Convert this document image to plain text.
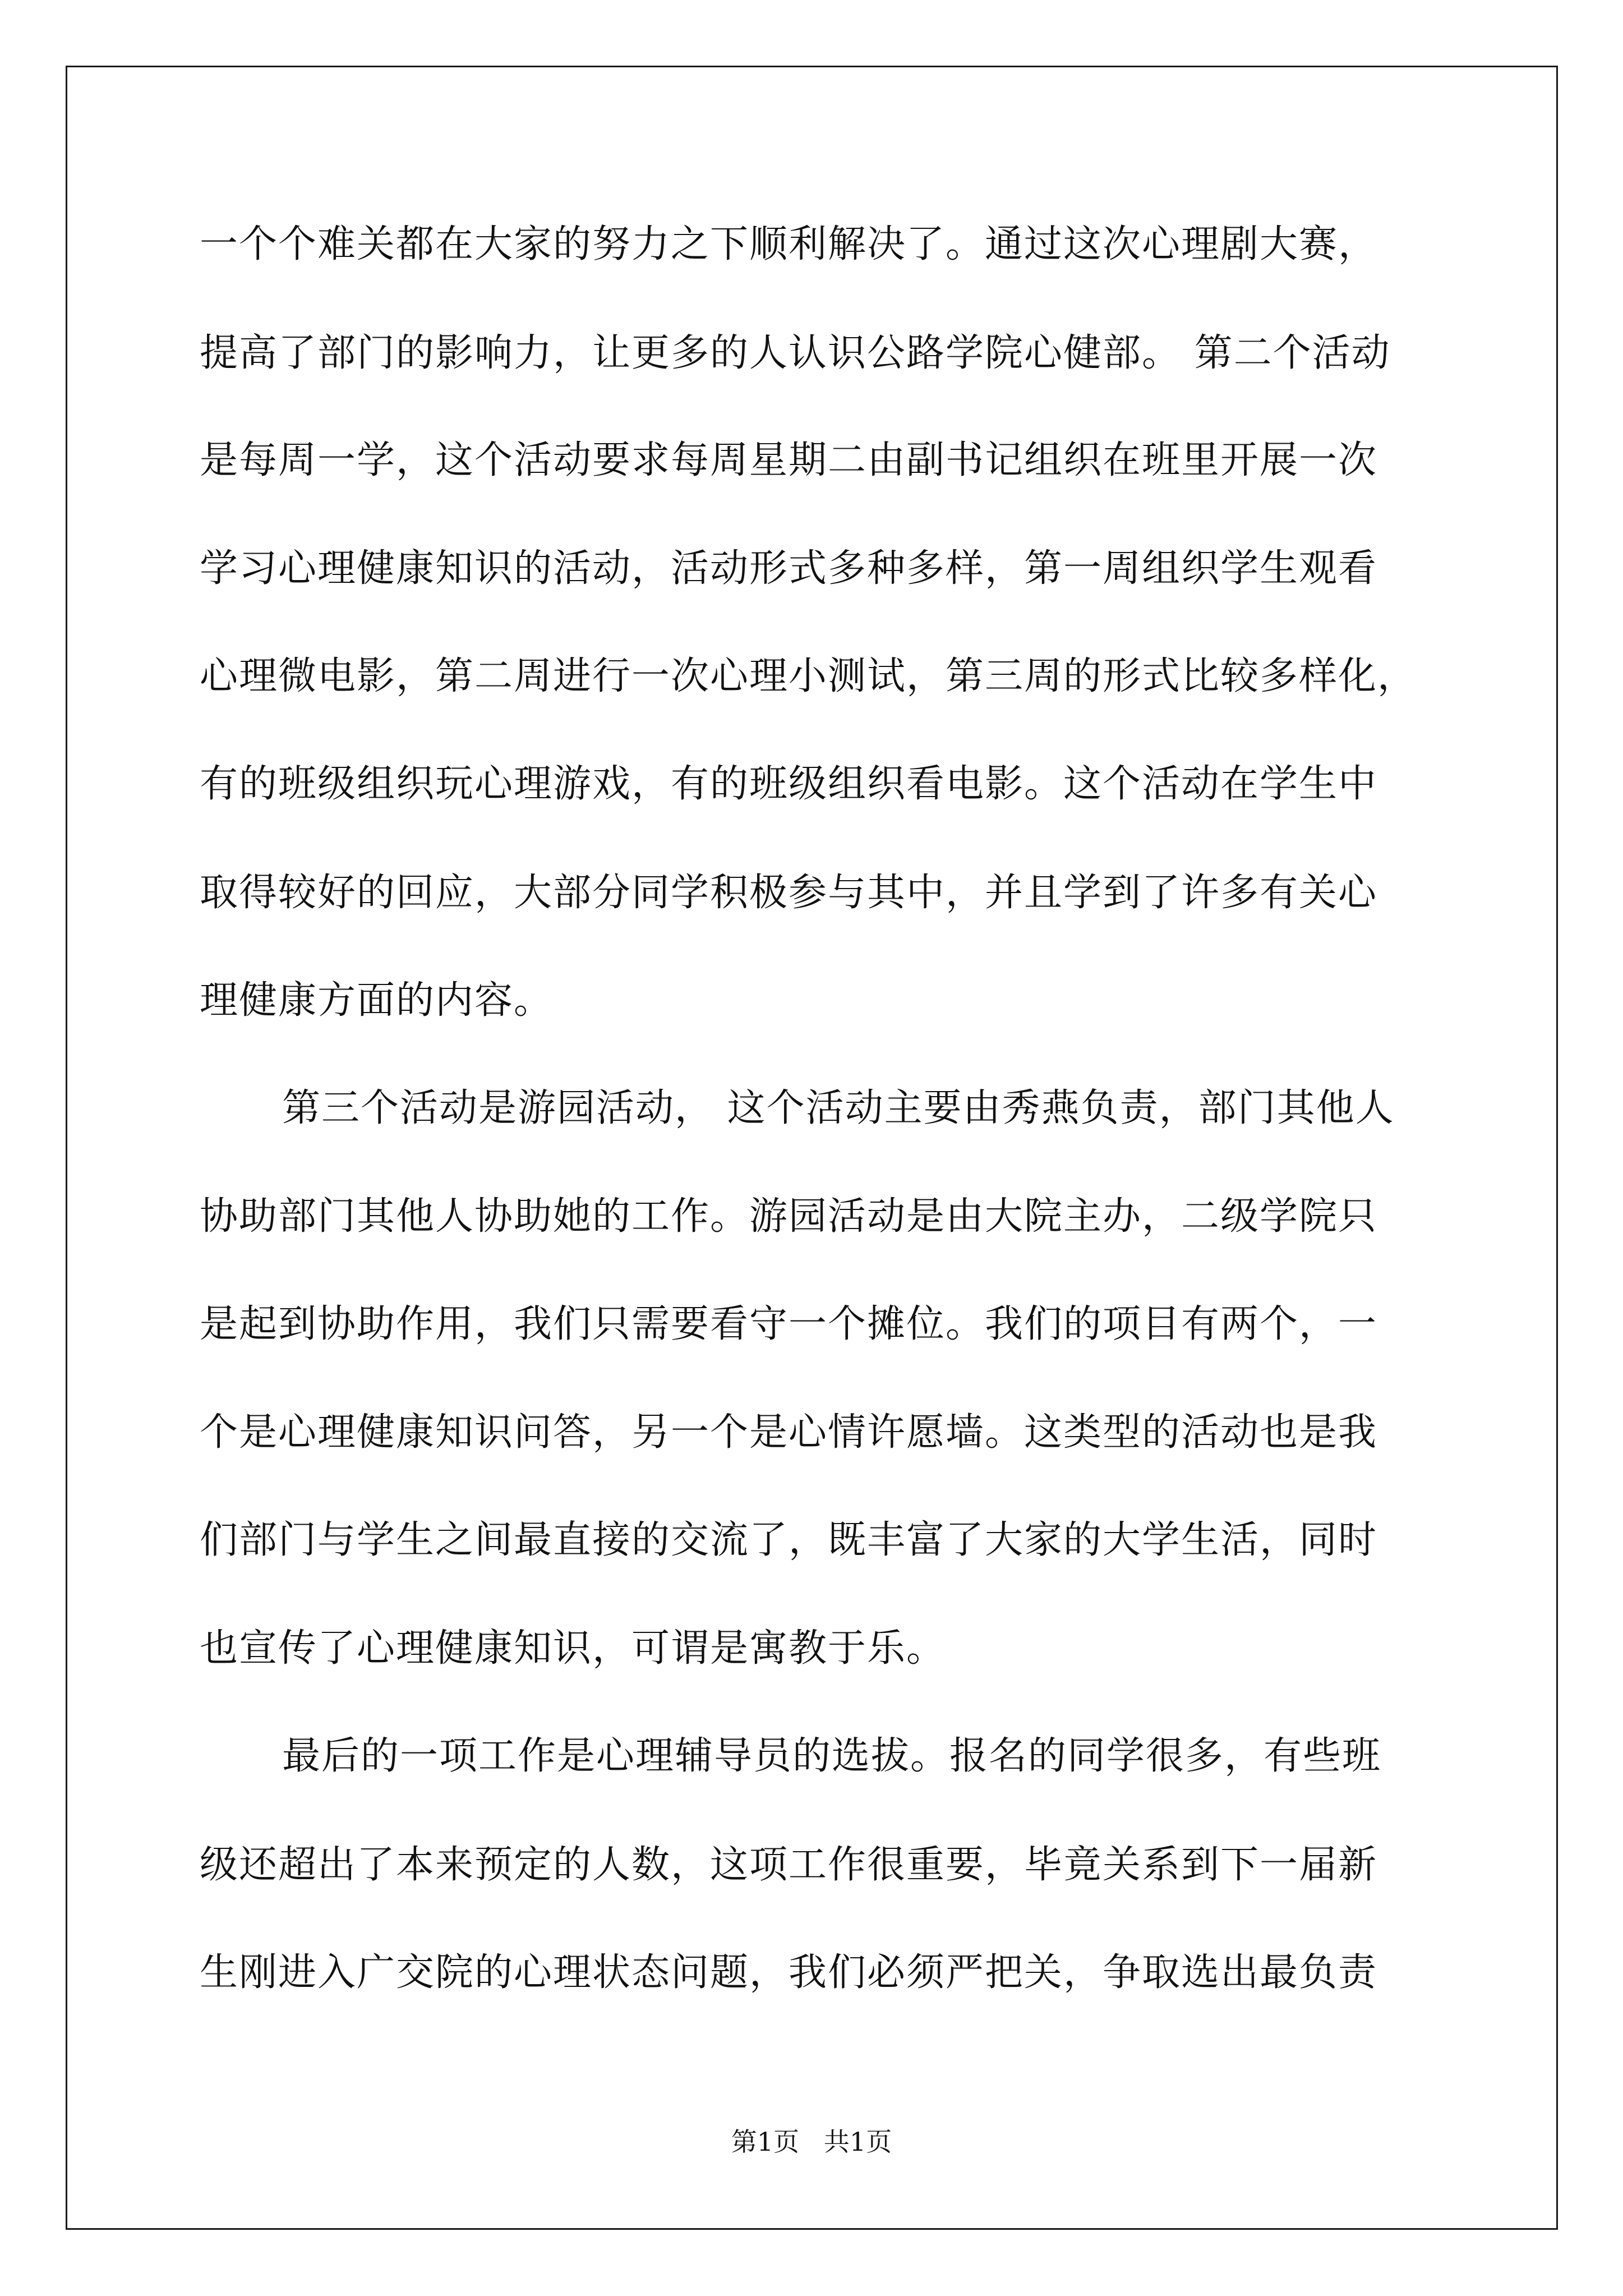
一个个难关都在大家的努力之下顺利解决了。通过这次心理剧大赛，
提高了部门的影响力，让更多的人认识公路学院心健部。 第二个活动
是每周一学，这个活动要求每周星期二由副书记组织在班里开展一次
学习心理健康知识的活动，活动形式多种多样，第一周组织学生观看
心理微电影，第二周进行一次心理小测试，第三周的形式比较多样化，
有的班级组织玩心理游戏，有的班级组织看电影。这个活动在学生中
取得较好的回应，大部分同学积极参与其中，并且学到了许多有关心
理健康方面的内容。
第三个活动是游园活动， 这个活动主要由秀燕负责，部门其他人
协助部门其他人协助她的工作。游园活动是由大院主办，二级学院只
是起到协助作用，我们只需要看守一个摊位。我们的项目有两个，一
个是心理健康知识问答，另一个是心情许愿墙。这类型的活动也是我
们部门与学生之间最直接的交流了，既丰富了大家的大学生活，同时
也宣传了心理健康知识，可谓是寓教于乐。
最后的一项工作是心理辅导员的选拔。报名的同学很多，有些班
级还超出了本来预定的人数，这项工作很重要，毕竟关系到下一届新
生刚进入广交院的心理状态问题，我们必须严把关，争取选出最负责
第1页   共1页
